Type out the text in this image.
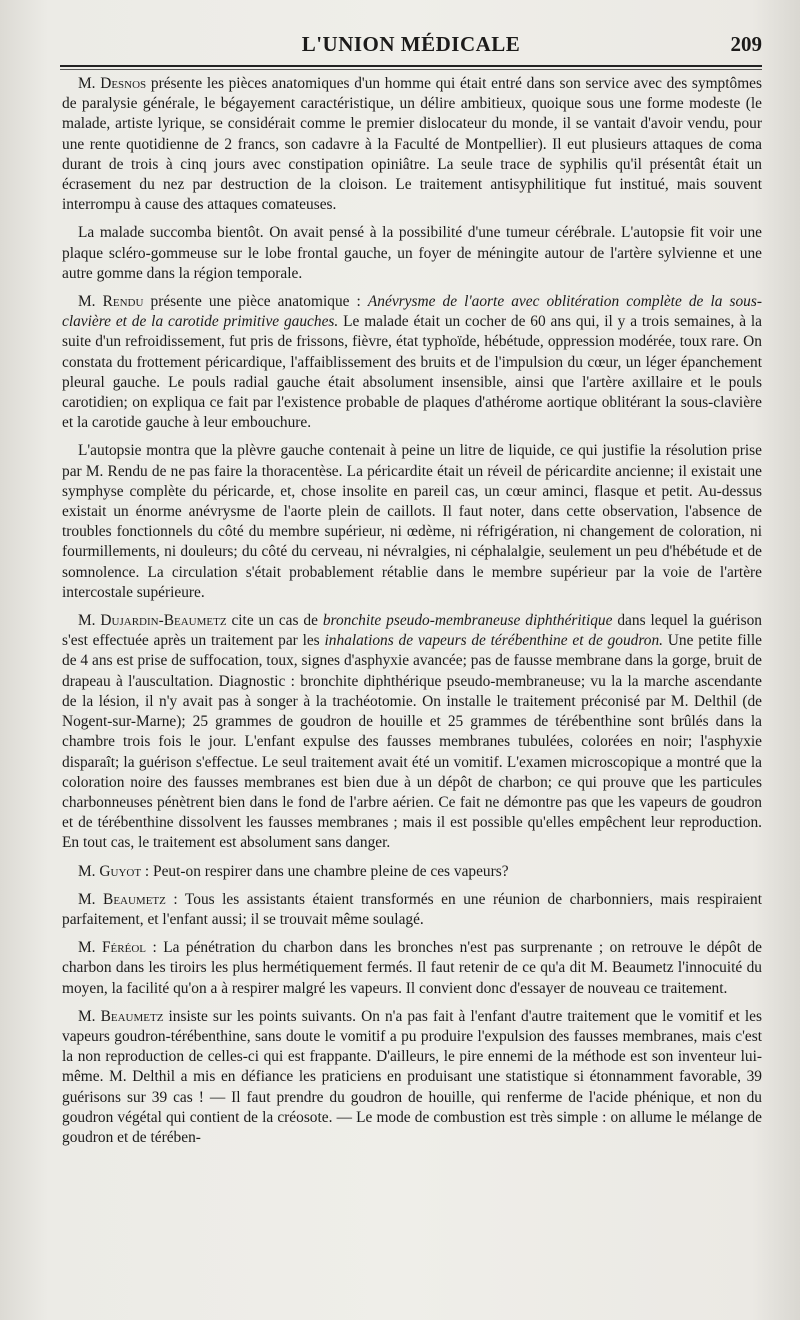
L'UNION MÉDICALE	209

M. Desnos présente les pièces anatomiques d'un homme qui était entré dans son service avec des symptômes de paralysie générale, le bégayement caractéristique, un délire ambitieux, quoique sous une forme modeste (le malade, artiste lyrique, se considérait comme le premier dislocateur du monde, il se vantait d'avoir vendu, pour une rente quotidienne de 2 francs, son cadavre à la Faculté de Montpellier). Il eut plusieurs attaques de coma durant de trois à cinq jours avec constipation opiniâtre. La seule trace de syphilis qu'il présentât était un écrasement du nez par destruction de la cloison. Le traitement antisyphilitique fut institué, mais souvent interrompu à cause des attaques comateuses.

La malade succomba bientôt. On avait pensé à la possibilité d'une tumeur cérébrale. L'autopsie fit voir une plaque scléro-gommeuse sur le lobe frontal gauche, un foyer de méningite autour de l'artère sylvienne et une autre gomme dans la région temporale.

M. Rendu présente une pièce anatomique : Anévrysme de l'aorte avec oblitération complète de la sous-clavière et de la carotide primitive gauches. Le malade était un cocher de 60 ans qui, il y a trois semaines, à la suite d'un refroidissement, fut pris de frissons, fièvre, état typhoïde, hébétude, oppression modérée, toux rare. On constata du frottement péricardique, l'affaiblissement des bruits et de l'impulsion du cœur, un léger épanchement pleural gauche. Le pouls radial gauche était absolument insensible, ainsi que l'artère axillaire et le pouls carotidien; on expliqua ce fait par l'existence probable de plaques d'athérome aortique oblitérant la sous-clavière et la carotide gauche à leur embouchure.

L'autopsie montra que la plèvre gauche contenait à peine un litre de liquide, ce qui justifie la résolution prise par M. Rendu de ne pas faire la thoracentèse. La péricardite était un réveil de péricardite ancienne; il existait une symphyse complète du péricarde, et, chose insolite en pareil cas, un cœur aminci, flasque et petit. Au-dessus existait un énorme anévrysme de l'aorte plein de caillots. Il faut noter, dans cette observation, l'absence de troubles fonctionnels du côté du membre supérieur, ni œdème, ni réfrigération, ni changement de coloration, ni fourmillements, ni douleurs; du côté du cerveau, ni névralgies, ni céphalalgie, seulement un peu d'hébétude et de somnolence. La circulation s'était probablement rétablie dans le membre supérieur par la voie de l'artère intercostale supérieure.

M. Dujardin-Beaumetz cite un cas de bronchite pseudo-membraneuse diphthéritique dans lequel la guérison s'est effectuée après un traitement par les inhalations de vapeurs de térébenthine et de goudron. Une petite fille de 4 ans est prise de suffocation, toux, signes d'asphyxie avancée; pas de fausse membrane dans la gorge, bruit de drapeau à l'auscultation. Diagnostic : bronchite diphthérique pseudo-membraneuse; vu la la marche ascendante de la lésion, il n'y avait pas à songer à la trachéotomie. On installe le traitement préconisé par M. Delthil (de Nogent-sur-Marne); 25 grammes de goudron de houille et 25 grammes de térébenthine sont brûlés dans la chambre trois fois le jour. L'enfant expulse des fausses membranes tubulées, colorées en noir; l'asphyxie disparaît; la guérison s'effectue. Le seul traitement avait été un vomitif. L'examen microscopique a montré que la coloration noire des fausses membranes est bien due à un dépôt de charbon; ce qui prouve que les particules charbonneuses pénètrent bien dans le fond de l'arbre aérien. Ce fait ne démontre pas que les vapeurs de goudron et de térébenthine dissolvent les fausses membranes ; mais il est possible qu'elles empêchent leur reproduction. En tout cas, le traitement est absolument sans danger.

M. Guyot : Peut-on respirer dans une chambre pleine de ces vapeurs?

M. Beaumetz : Tous les assistants étaient transformés en une réunion de charbonniers, mais respiraient parfaitement, et l'enfant aussi; il se trouvait même soulagé.

M. Féréol : La pénétration du charbon dans les bronches n'est pas surprenante ; on retrouve le dépôt de charbon dans les tiroirs les plus hermétiquement fermés. Il faut retenir de ce qu'a dit M. Beaumetz l'innocuité du moyen, la facilité qu'on a à respirer malgré les vapeurs. Il convient donc d'essayer de nouveau ce traitement.

M. Beaumetz insiste sur les points suivants. On n'a pas fait à l'enfant d'autre traitement que le vomitif et les vapeurs goudron-térébenthine, sans doute le vomitif a pu produire l'expulsion des fausses membranes, mais c'est la non reproduction de celles-ci qui est frappante. D'ailleurs, le pire ennemi de la méthode est son inventeur lui-même. M. Delthil a mis en défiance les praticiens en produisant une statistique si étonnamment favorable, 39 guérisons sur 39 cas ! — Il faut prendre du goudron de houille, qui renferme de l'acide phénique, et non du goudron végétal qui contient de la créosote. — Le mode de combustion est très simple : on allume le mélange de goudron et de térében-
